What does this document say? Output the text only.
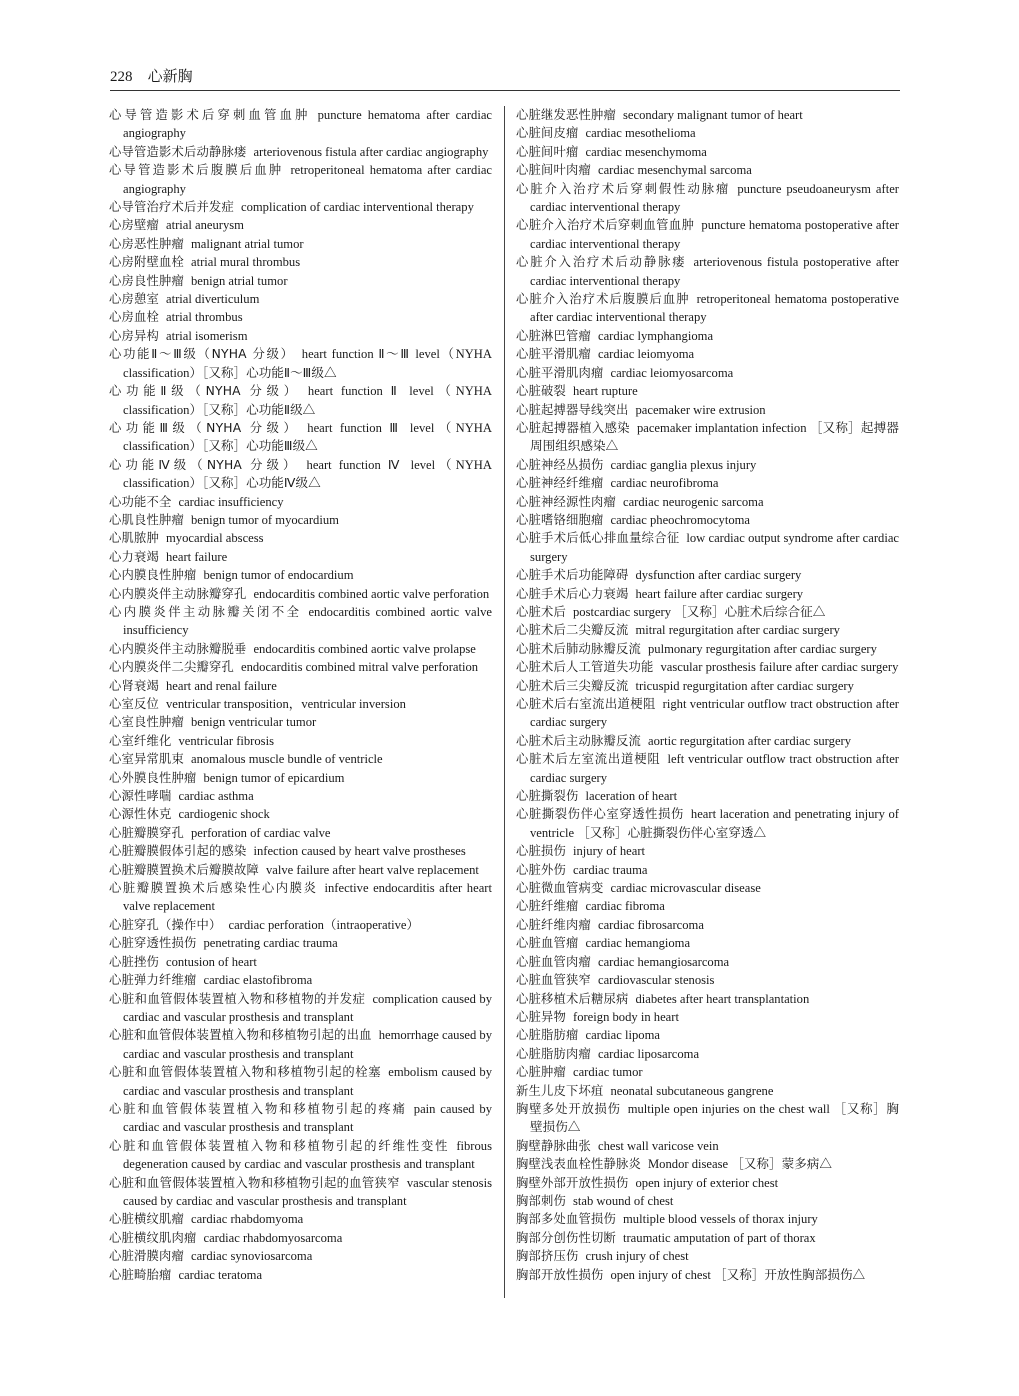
228 心新胸
心导管造影术后穿刺血管血肿 puncture hematoma after cardiac angiography
心导管造影术后动静脉瘘 arteriovenous fistula after cardiac angiography
心导管造影术后腹膜后血肿 retroperitoneal hematoma after cardiac angiography
心导管治疗术后并发症 complication of cardiac interventional therapy
心房壁瘤 atrial aneurysm
心房恶性肿瘤 malignant atrial tumor
心房附壁血栓 atrial mural thrombus
心房良性肿瘤 benign atrial tumor
心房憩室 atrial diverticulum
心房血栓 atrial thrombus
心房异构 atrial isomerism
心功能Ⅱ～Ⅲ级（NYHA 分级） heart function Ⅱ～Ⅲ level（NYHA classification）［又称］心功能Ⅱ～Ⅲ级△
心功能Ⅱ级（NYHA 分级） heart function Ⅱ level（NYHA classification）［又称］心功能Ⅱ级△
心功能Ⅲ级（NYHA 分级） heart function Ⅲ level（NYHA classification）［又称］心功能Ⅲ级△
心功能Ⅳ级（NYHA 分级） heart function Ⅳ level（NYHA classification）［又称］心功能Ⅳ级△
心功能不全 cardiac insufficiency
心肌良性肿瘤 benign tumor of myocardium
心肌脓肿 myocardial abscess
心力衰竭 heart failure
心内膜良性肿瘤 benign tumor of endocardium
心内膜炎伴主动脉瓣穿孔 endocarditis combined aortic valve perforation
心内膜炎伴主动脉瓣关闭不全 endocarditis combined aortic valve insufficiency
心内膜炎伴主动脉瓣脱垂 endocarditis combined aortic valve prolapse
心内膜炎伴二尖瓣穿孔 endocarditis combined mitral valve perforation
心肾衰竭 heart and renal failure
心室反位 ventricular transposition，ventricular inversion
心室良性肿瘤 benign ventricular tumor
心室纤维化 ventricular fibrosis
心室异常肌束 anomalous muscle bundle of ventricle
心外膜良性肿瘤 benign tumor of epicardium
心源性哮喘 cardiac asthma
心源性休克 cardiogenic shock
心脏瓣膜穿孔 perforation of cardiac valve
心脏瓣膜假体引起的感染 infection caused by heart valve prostheses
心脏瓣膜置换术后瓣膜故障 valve failure after heart valve replacement
心脏瓣膜置换术后感染性心内膜炎 infective endocarditis after heart valve replacement
心脏穿孔（操作中） cardiac perforation（intraoperative）
心脏穿透性损伤 penetrating cardiac trauma
心脏挫伤 contusion of heart
心脏弹力纤维瘤 cardiac elastofibroma
心脏和血管假体装置植入物和移植物的并发症 complication caused by cardiac and vascular prosthesis and transplant
心脏和血管假体装置植入物和移植物引起的出血 hemorrhage caused by cardiac and vascular prosthesis and transplant
心脏和血管假体装置植入物和移植物引起的栓塞 embolism caused by cardiac and vascular prosthesis and transplant
心脏和血管假体装置植入物和移植物引起的疼痛 pain caused by cardiac and vascular prosthesis and transplant
心脏和血管假体装置植入物和移植物引起的纤维性变性 fibrous degeneration caused by cardiac and vascular prosthesis and transplant
心脏和血管假体装置植入物和移植物引起的血管狭窄 vascular stenosis caused by cardiac and vascular prosthesis and transplant
心脏横纹肌瘤 cardiac rhabdomyoma
心脏横纹肌肉瘤 cardiac rhabdomyosarcoma
心脏滑膜肉瘤 cardiac synoviosarcoma
心脏畸胎瘤 cardiac teratoma
心脏继发恶性肿瘤 secondary malignant tumor of heart
心脏间皮瘤 cardiac mesothelioma
心脏间叶瘤 cardiac mesenchymoma
心脏间叶肉瘤 cardiac mesenchymal sarcoma
心脏介入治疗术后穿刺假性动脉瘤 puncture pseudoaneurysm after cardiac interventional therapy
心脏介入治疗术后穿刺血管血肿 puncture hematoma postoperative after cardiac interventional therapy
心脏介入治疗术后动静脉瘘 arteriovenous fistula postoperative after cardiac interventional therapy
心脏介入治疗术后腹膜后血肿 retroperitoneal hematoma postoperative after cardiac interventional therapy
心脏淋巴管瘤 cardiac lymphangioma
心脏平滑肌瘤 cardiac leiomyoma
心脏平滑肌肉瘤 cardiac leiomyosarcoma
心脏破裂 heart rupture
心脏起搏器导线突出 pacemaker wire extrusion
心脏起搏器植入感染 pacemaker implantation infection ［又称］起搏器周围组织感染△
心脏神经丛损伤 cardiac ganglia plexus injury
心脏神经纤维瘤 cardiac neurofibroma
心脏神经源性肉瘤 cardiac neurogenic sarcoma
心脏嗜铬细胞瘤 cardiac pheochromocytoma
心脏手术后低心排血量综合征 low cardiac output syndrome after cardiac surgery
心脏手术后功能障碍 dysfunction after cardiac surgery
心脏手术后心力衰竭 heart failure after cardiac surgery
心脏术后 postcardiac surgery ［又称］心脏术后综合征△
心脏术后二尖瓣反流 mitral regurgitation after cardiac surgery
心脏术后肺动脉瓣反流 pulmonary regurgitation after cardiac surgery
心脏术后人工管道失功能 vascular prosthesis failure after cardiac surgery
心脏术后三尖瓣反流 tricuspid regurgitation after cardiac surgery
心脏术后右室流出道梗阻 right ventricular outflow tract obstruction after cardiac surgery
心脏术后主动脉瓣反流 aortic regurgitation after cardiac surgery
心脏术后左室流出道梗阻 left ventricular outflow tract obstruction after cardiac surgery
心脏撕裂伤 laceration of heart
心脏撕裂伤伴心室穿透性损伤 heart laceration and penetrating injury of ventricle ［又称］心脏撕裂伤伴心室穿透△
心脏损伤 injury of heart
心脏外伤 cardiac trauma
心脏微血管病变 cardiac microvascular disease
心脏纤维瘤 cardiac fibroma
心脏纤维肉瘤 cardiac fibrosarcoma
心脏血管瘤 cardiac hemangioma
心脏血管肉瘤 cardiac hemangiosarcoma
心脏血管狭窄 cardiovascular stenosis
心脏移植术后糖尿病 diabetes after heart transplantation
心脏异物 foreign body in heart
心脏脂肪瘤 cardiac lipoma
心脏脂肪肉瘤 cardiac liposarcoma
心脏肿瘤 cardiac tumor
新生儿皮下坏疽 neonatal subcutaneous gangrene
胸壁多处开放损伤 multiple open injuries on the chest wall ［又称］胸壁损伤△
胸壁静脉曲张 chest wall varicose vein
胸壁浅表血栓性静脉炎 Mondor disease ［又称］蒙多病△
胸壁外部开放性损伤 open injury of exterior chest
胸部刺伤 stab wound of chest
胸部多处血管损伤 multiple blood vessels of thorax injury
胸部分创伤性切断 traumatic amputation of part of thorax
胸部挤压伤 crush injury of chest
胸部开放性损伤 open injury of chest ［又称］开放性胸部损伤△
